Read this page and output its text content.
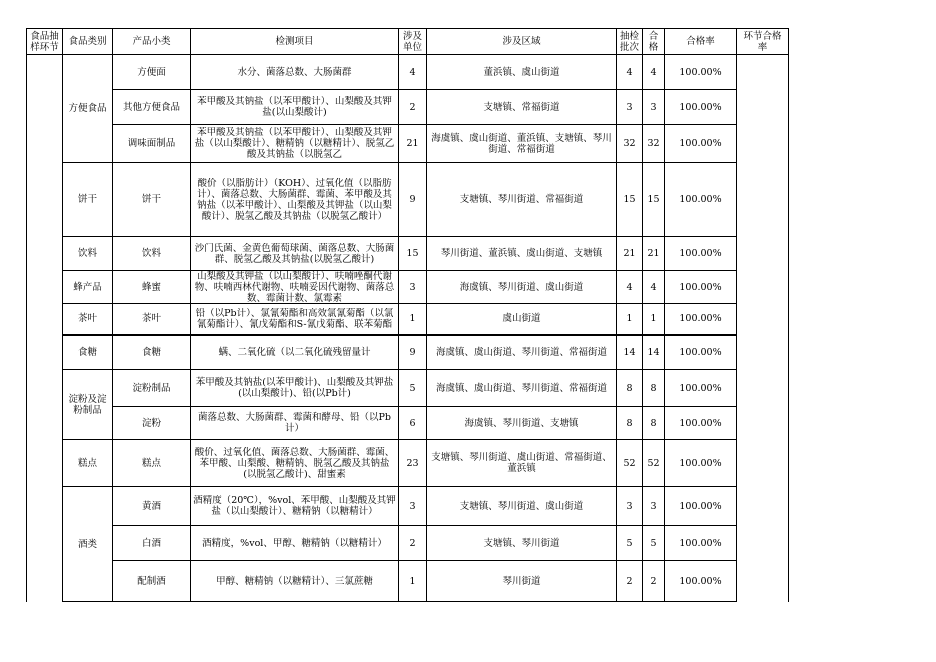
食品抽样环节	食品类别	产品小类	检测项目	涉及单位	涉及区域	抽检批次	合格	合格率	环节合格率
	方便食品	方便面	水分、菌落总数、大肠菌群	4	董浜镇、虞山街道	4	4	100.00%	
		其他方便食品	苯甲酸及其钠盐（以苯甲酸计）、山梨酸及其钾盐(以山梨酸计)	2	支塘镇、常福街道	3	3	100.00%	
		调味面制品	苯甲酸及其钠盐（以苯甲酸计）、山梨酸及其钾盐（以山梨酸计）、糖精钠（以糖精计）、脱氢乙酸及其钠盐（以脱氢乙	21	海虞镇、虞山街道、董浜镇、支塘镇、琴川街道、常福街道	32	32	100.00%	
	饼干	饼干	酸价（以脂肪计）（KOH）、过氧化值（以脂肪计）、菌落总数、大肠菌群、霉菌、苯甲酸及其钠盐（以苯甲酸计）、山梨酸及其钾盐（以山梨酸计）、脱氢乙酸及其钠盐（以脱氢乙酸计）	9	支塘镇、琴川街道、常福街道	15	15	100.00%	
	饮料	饮料	沙门氏菌、金黄色葡萄球菌、菌落总数、大肠菌群、脱氢乙酸及其钠盐(以脱氢乙酸计)	15	琴川街道、董浜镇、虞山街道、支塘镇	21	21	100.00%	
	蜂产品	蜂蜜	山梨酸及其钾盐（以山梨酸计）、呋喃唑酮代谢物、呋喃西林代谢物、呋喃妥因代谢物、菌落总数、霉菌计数、氯霉素	3	海虞镇、琴川街道、虞山街道	4	4	100.00%	
	茶叶	茶叶	铅（以Pb计）、氯氰菊酯和高效氯氰菊酯（以氯氰菊酯计）、氰戊菊酯和S-氰戊菊酯、联苯菊酯	1	虞山街道	1	1	100.00%	
	食糖	食糖	螨、二氧化硫（以二氧化硫残留量计	9	海虞镇、虞山街道、琴川街道、常福街道	14	14	100.00%	
	淀粉及淀粉制品	淀粉制品	苯甲酸及其钠盐(以苯甲酸计)、山梨酸及其钾盐(以山梨酸计)、铅(以Pb计)	5	海虞镇、虞山街道、琴川街道、常福街道	8	8	100.00%	
		淀粉	菌落总数、大肠菌群、霉菌和酵母、铅（以Pb计）	6	海虞镇、琴川街道、支塘镇	8	8	100.00%	
	糕点	糕点	酸价、过氧化值、菌落总数、大肠菌群、霉菌、苯甲酸、山梨酸、糖精钠、脱氢乙酸及其钠盐(以脱氢乙酸计)、甜蜜素	23	支塘镇、琴川街道、虞山街道、常福街道、董浜镇	52	52	100.00%	
	酒类	黄酒	酒精度（20℃），%vol、苯甲酸、山梨酸及其钾盐（以山梨酸计）、糖精钠（以糖精计）	3	支塘镇、琴川街道、虞山街道	3	3	100.00%	
		白酒	酒精度，%vol、甲醇、糖精钠（以糖精计）	2	支塘镇、琴川街道	5	5	100.00%	
		配制酒	甲醇、糖精钠（以糖精计）、三氯蔗糖	1	琴川街道	2	2	100.00%	
